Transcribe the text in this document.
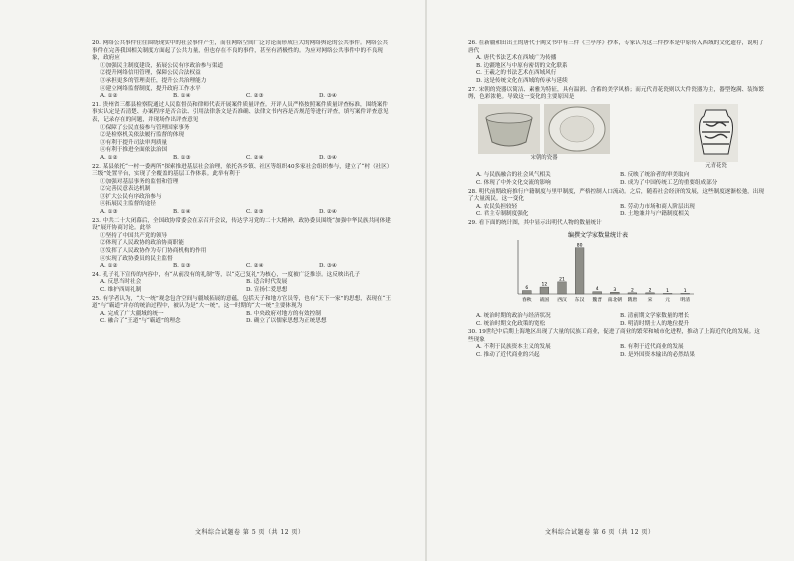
20. 网络公共事件往往围绕现实中的社会事件产生，而在网络空间广泛讨论而形成巨大的网络舆论的公共事件。网络公共事件在完善我国相关制度方面起了公共力量，但也存在不良的事件，甚至有消极性的。为应对网络公共事件中的不良现象，政府应
①加强民主制度建设，拓展公民有序政治参与渠道
②提升网络信用管理，保障公民合法权益
③承担更多的管理责任，提升公共治理能力
④建立网络监督制度，提升政府工作水平
A. ①②	B. ①④	C. ②③	D. ③④
21. 贵州省三都县检察院通过人民监督员和律师代表开展案件质量评查。开评人员严格按照案件质量评查标准，围绕案件事实认定是否清楚、办案程序是否合法、引用法律条文是否准确、法律文书内容是否规范等进行评查，填写案件评查意见表，记录存在的问题，并现场作出评查意见
①保障了公民直接参与管理国家事务
②是检察机关依法履行监督的体现
③有利于提升司法审判质量
④有利于推进全面依法治国
A. ①②	B. ①③	C. ②④	D. ③④
22. 某县依托“一村一委两所”探索推进基层社会治理，依托各乡镇、社区等组织40多家社会组织参与，建立了“村（社区）三级”处置平台，实现了全覆盖的基层工作体系。此举有利于
①加强对基层事务的监督和管理
②完善民意表达机制
③扩大公民有序政治参与
④拓展民主监督的途径
A. ①③	B. ①④	C. ②③	D. ②④
23. 中共二十大闭幕后，全国政协常委会在京召开会议，传达学习党的二十大精神，政协委员围绕“加强中华民族共同体建设”展开协商讨论。此举
①坚持了中国共产党的领导
②体现了人民政协的政治协商职能
③发挥了人民政协作为专门协商机构的作用
④实现了政协委员的民主监督
A. ①②	B. ①③	C. ②④	D. ③④
24. 孔子礼下宣传的内容中，有“从前没有的礼制”等，以“克己复礼”为核心，一度被广泛推崇。这反映出孔子
A. 反思当时社会	B. 适合时代发展
C. 维护西周礼制	D. 宣扬仁爱思想
25. 有学者认为，“大一统”观念包含空间与疆域拓展的意蕴，包括天子和地方官员等，也有“天下一家”的思想，表现在“王道”与“霸道”并存的统治过程中，被认为是“大一统”。这一时期的“大一统”主要体现为
A. 完成了广大疆域的统一	B. 中央政府对地方的有效控制
C. 融合了“王道”与“霸道”的理念	D. 确立了以儒家思想为正统思想
文科综合试题卷 第 5 页（共 12 页）
26. 在新疆和田出土的唐代于阗文书中有三件《兰亭序》抄本，专家认为这三件抄本是中原传入西域的文化遗存，说明了唐代
A. 唐代书法艺术在西域广为传播
B. 边疆地区与中原有密切的文化联系
C. 王羲之的书法艺术在西域风行
D. 这是传统文化在西域的传承与延续
27. 宋朝的瓷器以简洁、素雅为特征，具有温润、含蓄的美学风格；而元代青花瓷则以大件瓷器为主，器型饱满、装饰繁缛，色彩浓艳。导致这一变化的主要原因是
宋朝的瓷器
元青花瓷
A. 与民族融合的社会风气相关	B. 反映了统治者的审美取向
C. 体现了中外文化交流的影响	D. 成为了中国传统工艺的重要组成部分
28. 明代前期政府推行户籍制度与里甲制度，严格控制人口流动。之后，随着社会经济的发展，这些制度逐渐松弛，出现了大量流民。这一变化
A. 农民负担较轻	B. 劳动力市场和商人阶层出现
C. 君主专制制度强化	D. 土地兼并与户籍制度相关
29. 看下面的统计图，其中显示出明代人物的数量统计
编撰文学家数量统计表
6
春秋
12
战国
21
西汉
80
东汉
4
魏晋
3
南北朝
2
隋唐
2
宋
1
元
1
明清
A. 统治时期的政治与经济状况	B. 清前期文学家数量的增长
C. 统治时期文化政策的宽松	D. 明清时期士人的地位提升
30. 19世纪中后期上海地区出现了大量的民族工商业，促进了商业的繁荣和城市化进程，推动了上海近代化的发展。这些现象
A. 不利于民族资本主义的发展	B. 有利于近代商业的发展
C. 推动了近代商业的兴起	D. 是外国资本输出的必然结果
文科综合试题卷 第 6 页（共 12 页）
